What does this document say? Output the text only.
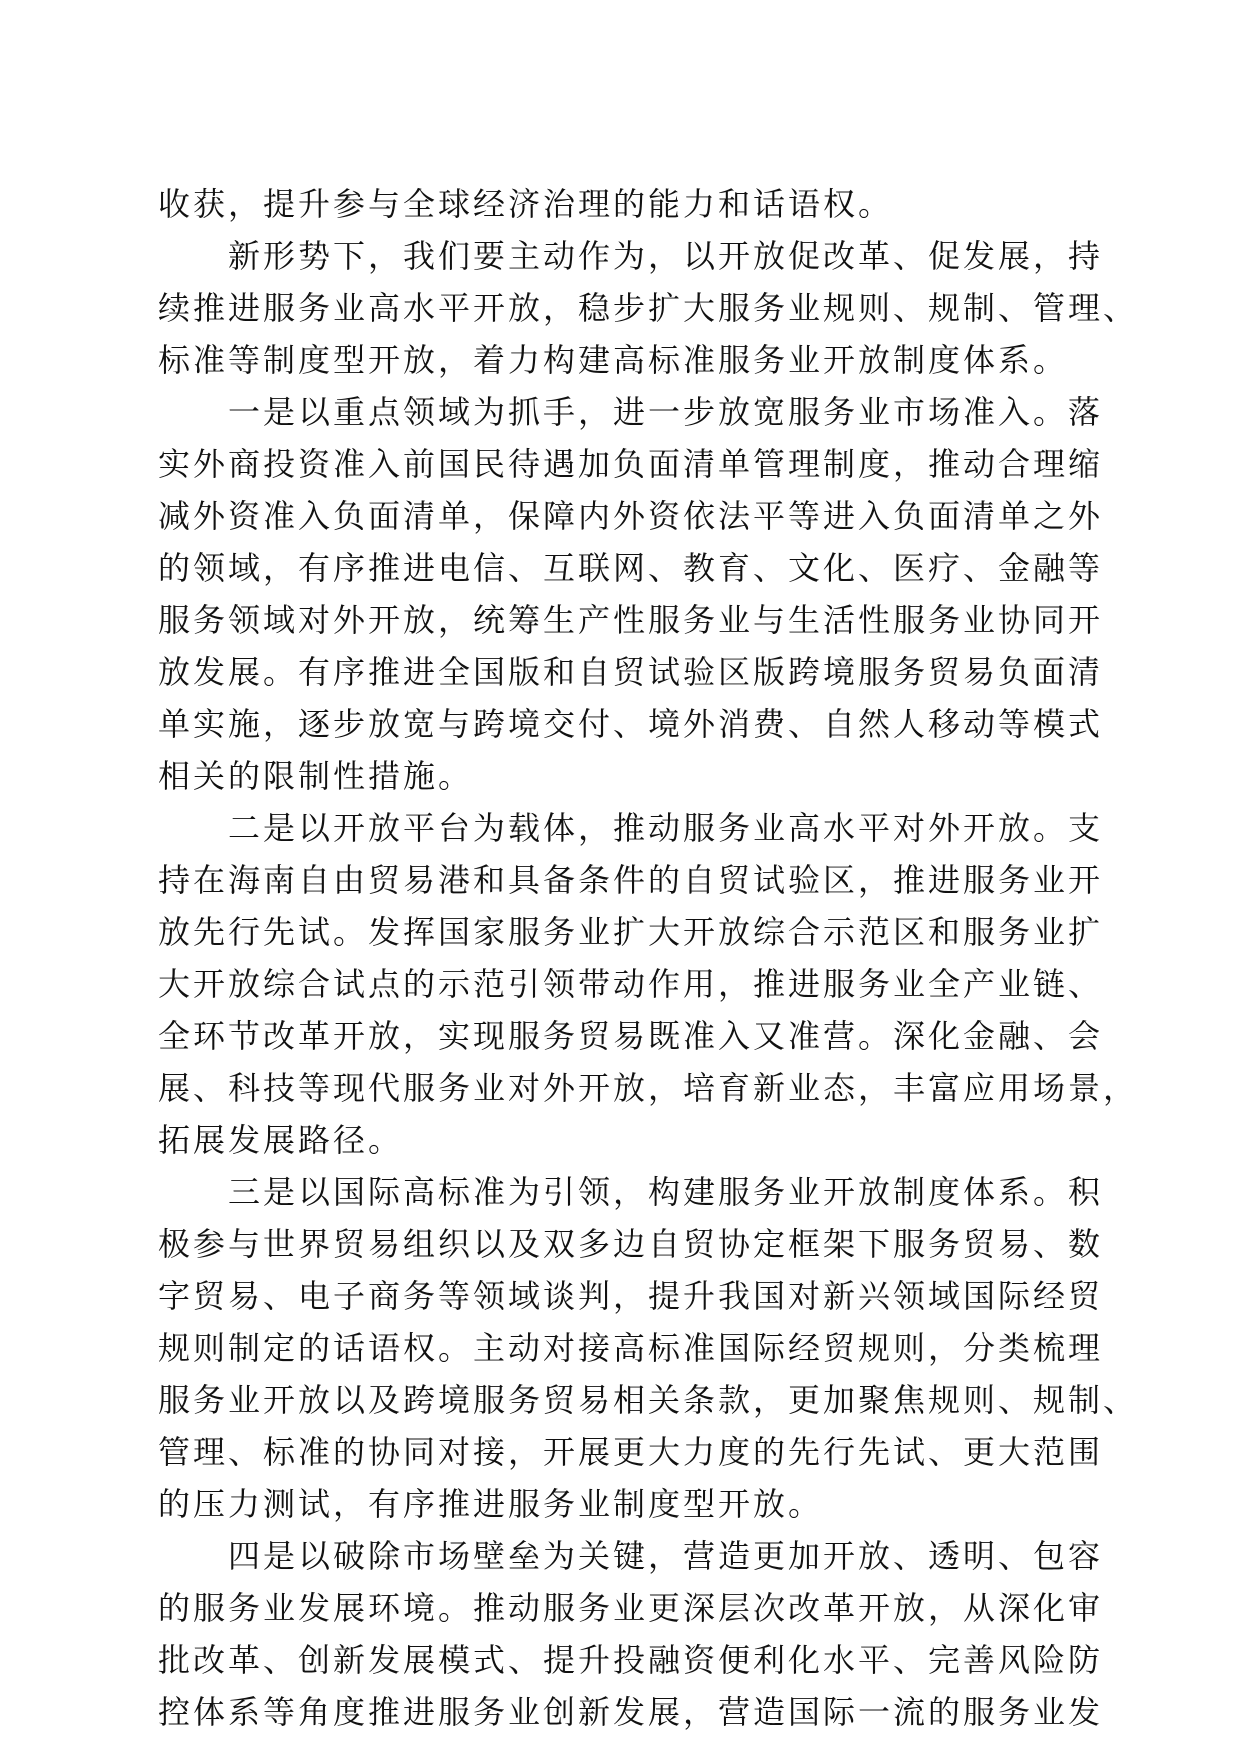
收获，提升参与全球经济治理的能力和话语权。
新形势下，我们要主动作为，以开放促改革、促发展，持
续推进服务业高水平开放，稳步扩大服务业规则、规制、管理、
标准等制度型开放，着力构建高标准服务业开放制度体系。
一是以重点领域为抓手，进一步放宽服务业市场准入。落
实外商投资准入前国民待遇加负面清单管理制度，推动合理缩
减外资准入负面清单，保障内外资依法平等进入负面清单之外
的领域，有序推进电信、互联网、教育、文化、医疗、金融等
服务领域对外开放，统筹生产性服务业与生活性服务业协同开
放发展。有序推进全国版和自贸试验区版跨境服务贸易负面清
单实施，逐步放宽与跨境交付、境外消费、自然人移动等模式
相关的限制性措施。
二是以开放平台为载体，推动服务业高水平对外开放。支
持在海南自由贸易港和具备条件的自贸试验区，推进服务业开
放先行先试。发挥国家服务业扩大开放综合示范区和服务业扩
大开放综合试点的示范引领带动作用，推进服务业全产业链、
全环节改革开放，实现服务贸易既准入又准营。深化金融、会
展、科技等现代服务业对外开放，培育新业态，丰富应用场景，
拓展发展路径。
三是以国际高标准为引领，构建服务业开放制度体系。积
极参与世界贸易组织以及双多边自贸协定框架下服务贸易、数
字贸易、电子商务等领域谈判，提升我国对新兴领域国际经贸
规则制定的话语权。主动对接高标准国际经贸规则，分类梳理
服务业开放以及跨境服务贸易相关条款，更加聚焦规则、规制、
管理、标准的协同对接，开展更大力度的先行先试、更大范围
的压力测试，有序推进服务业制度型开放。
四是以破除市场壁垒为关键，营造更加开放、透明、包容
的服务业发展环境。推动服务业更深层次改革开放，从深化审
批改革、创新发展模式、提升投融资便利化水平、完善风险防
控体系等角度推进服务业创新发展，营造国际一流的服务业发
